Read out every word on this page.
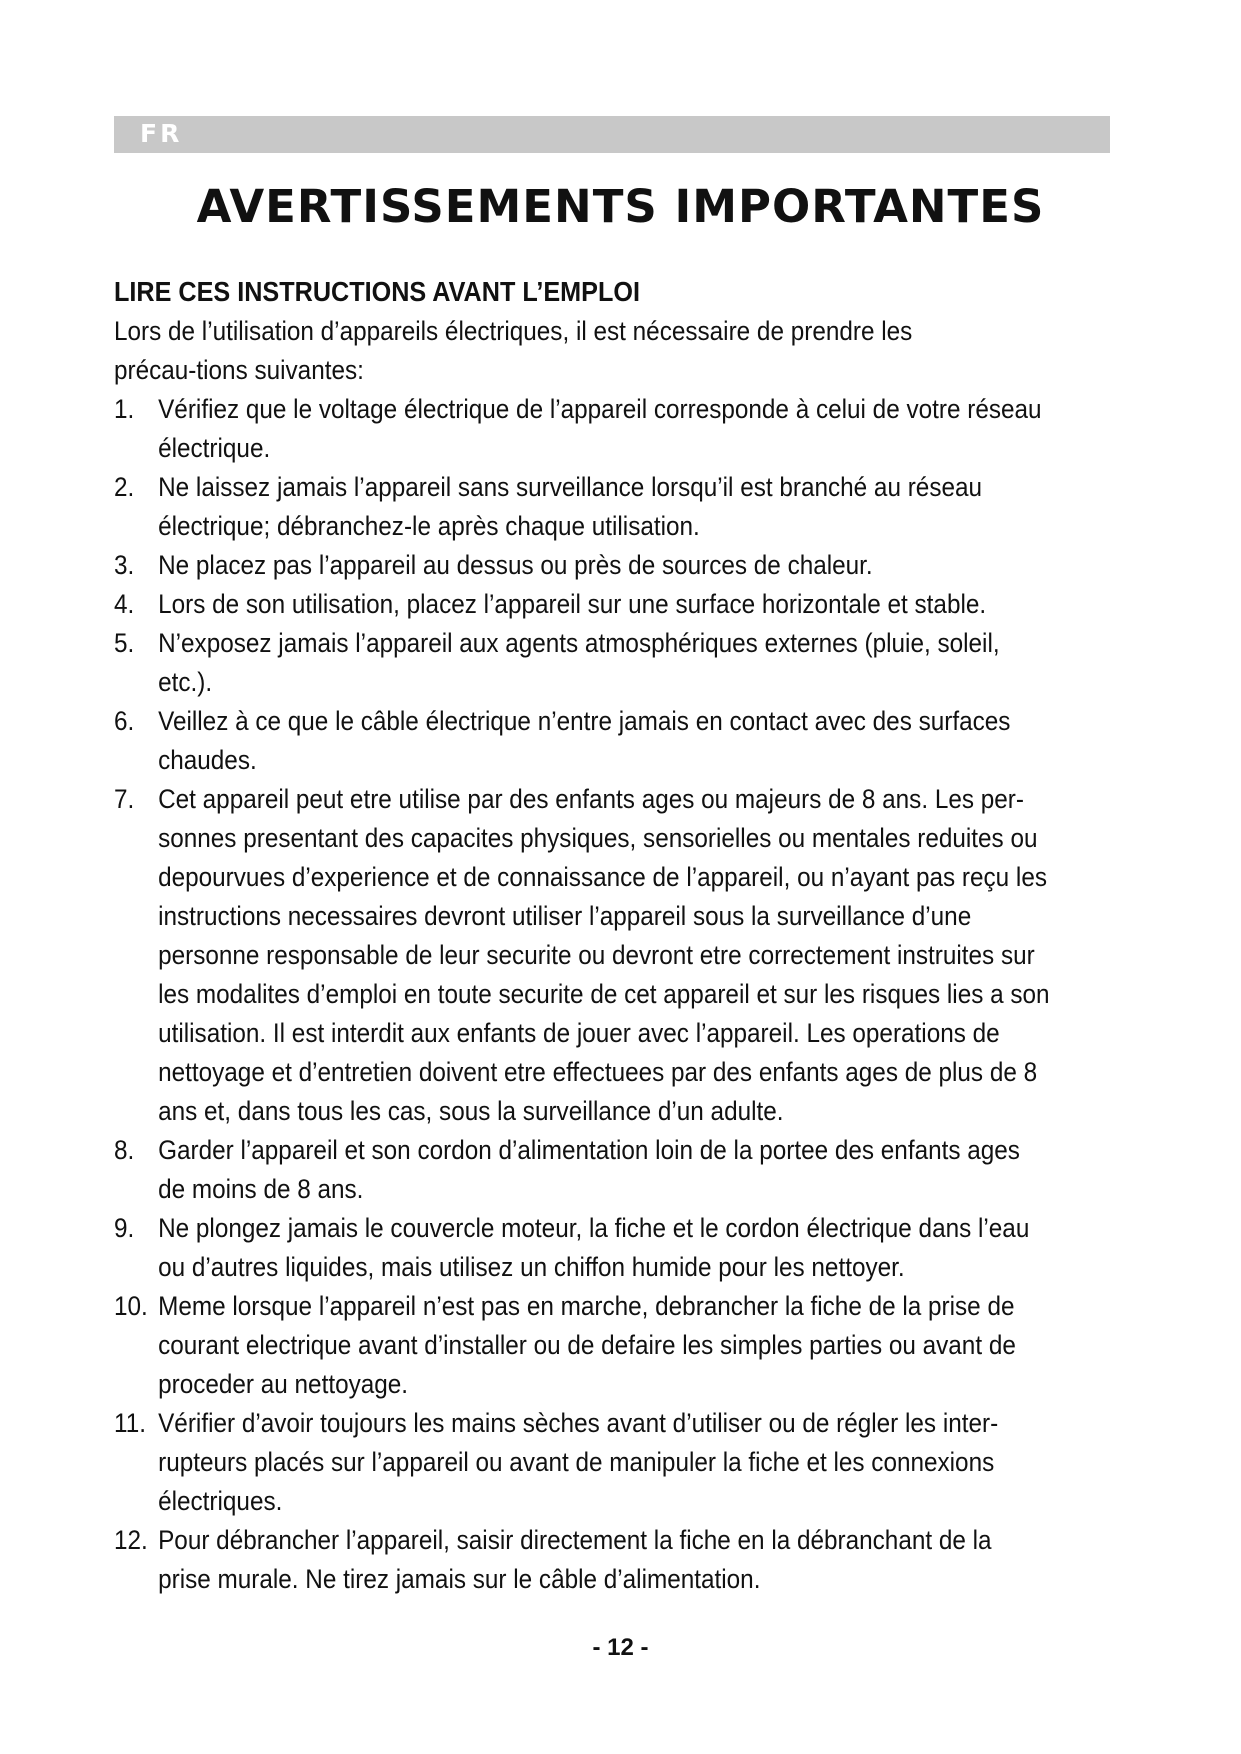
FR
AVERTISSEMENTS IMPORTANTES

LIRE CES INSTRUCTIONS AVANT L’EMPLOI

Lors de l’utilisation d’appareils électriques, il est nécessaire de prendre les précau-tions suivantes:

1. Vérifiez que le voltage électrique de l’appareil corresponde à celui de votre réseau électrique.
2. Ne laissez jamais l’appareil sans surveillance lorsqu’il est branché au réseau électrique; débranchez-le après chaque utilisation.
3. Ne placez pas l’appareil au dessus ou près de sources de chaleur.
4. Lors de son utilisation, placez l’appareil sur une surface horizontale et stable.
5. N’exposez jamais l’appareil aux agents atmosphériques externes (pluie, soleil, etc.).
6. Veillez à ce que le câble électrique n’entre jamais en contact avec des surfaces chaudes.
7. Cet appareil peut etre utilise par des enfants ages ou majeurs de 8 ans. Les per-sonnes presentant des capacites physiques, sensorielles ou mentales reduites ou depourvues d’experience et de connaissance de l’appareil, ou n’ayant pas reçu les instructions necessaires devront utiliser l’appareil sous la surveillance d’une personne responsable de leur securite ou devront etre correctement instruites sur les modalites d’emploi en toute securite de cet appareil et sur les risques lies a son utilisation. Il est interdit aux enfants de jouer avec l’appareil. Les operations de nettoyage et d’entretien doivent etre effectuees par des enfants ages de plus de 8 ans et, dans tous les cas, sous la surveillance d’un adulte.
8. Garder l’appareil et son cordon d’alimentation loin de la portee des enfants ages de moins de 8 ans.
9. Ne plongez jamais le couvercle moteur, la fiche et le cordon électrique dans l’eau ou d’autres liquides, mais utilisez un chiffon humide pour les nettoyer.
10. Meme lorsque l’appareil n’est pas en marche, debrancher la fiche de la prise de courant electrique avant d’installer ou de defaire les simples parties ou avant de proceder au nettoyage.
11. Vérifier d’avoir toujours les mains sèches avant d’utiliser ou de régler les inter-rupteurs placés sur l’appareil ou avant de manipuler la fiche et les connexions électriques.
12. Pour débrancher l’appareil, saisir directement la fiche en la débranchant de la prise murale. Ne tirez jamais sur le câble d’alimentation.
- 12 -
